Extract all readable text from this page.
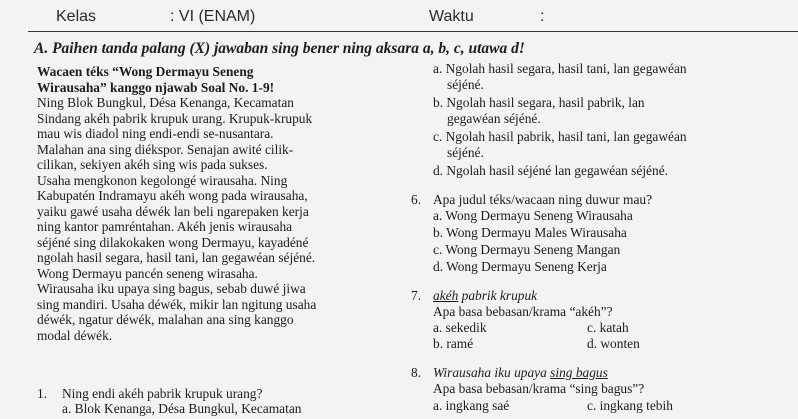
Kelas	: VI (ENAM)	Waktu	:
A. Paihen tanda palang (X) jawaban sing bener ning aksara a, b, c, utawa d!

Wacaen téks “Wong Dermayu Seneng

Wirausaha” kanggo njawab Soal No. 1-9!

Ning Blok Bungkul, Désa Kenanga, Kecamatan

Sindang akéh pabrik krupuk urang. Krupuk-krupuk

mau wis diadol ning endi-endi se-nusantara.

Malahan ana sing diékspor. Senajan awité cilik-

cilikan, sekiyen akéh sing wis pada sukses.

Usaha mengkonon kegolongé wirausaha. Ning

Kabupatén Indramayu akéh wong pada wirausaha,

yaiku gawé usaha déwék lan beli ngarepaken kerja

ning kantor pamréntahan. Akéh jenis wirausaha

séjéné sing dilakokaken wong Dermayu, kayadéné

ngolah hasil segara, hasil tani, lan gegawéan séjéné.

Wong Dermayu pancén seneng wirasaha.

Wirausaha iku upaya sing bagus, sebab duwé jiwa

sing mandiri. Usaha déwék, mikir lan ngitung usaha

déwék, ngatur déwék, malahan ana sing kanggo

modal déwék.

1. Ning endi akéh pabrik krupuk urang?
a. Blok Kenanga, Désa Bungkul, Kecamatan
a. Ngolah hasil segara, hasil tani, lan gegawéan
séjéné.
b. Ngolah hasil segara, hasil pabrik, lan
gegawéan séjéné.
c. Ngolah hasil pabrik, hasil tani, lan gegawéan
séjéné.
d. Ngolah hasil séjéné lan gegawéan séjéné.
6. Apa judul téks/wacaan ning duwur mau?
a. Wong Dermayu Seneng Wirausaha
b. Wong Dermayu Males Wirausaha
c. Wong Dermayu Seneng Mangan
d. Wong Dermayu Seneng Kerja
7. akéh pabrik krupuk
Apa basa bebasan/krama “akéh”?
a. sekedik	c. katah
b. ramé	d. wonten
8. Wirausaha iku upaya sing bagus
Apa basa bebasan/krama “sing bagus”?
a. ingkang saé	c. ingkang tebih
